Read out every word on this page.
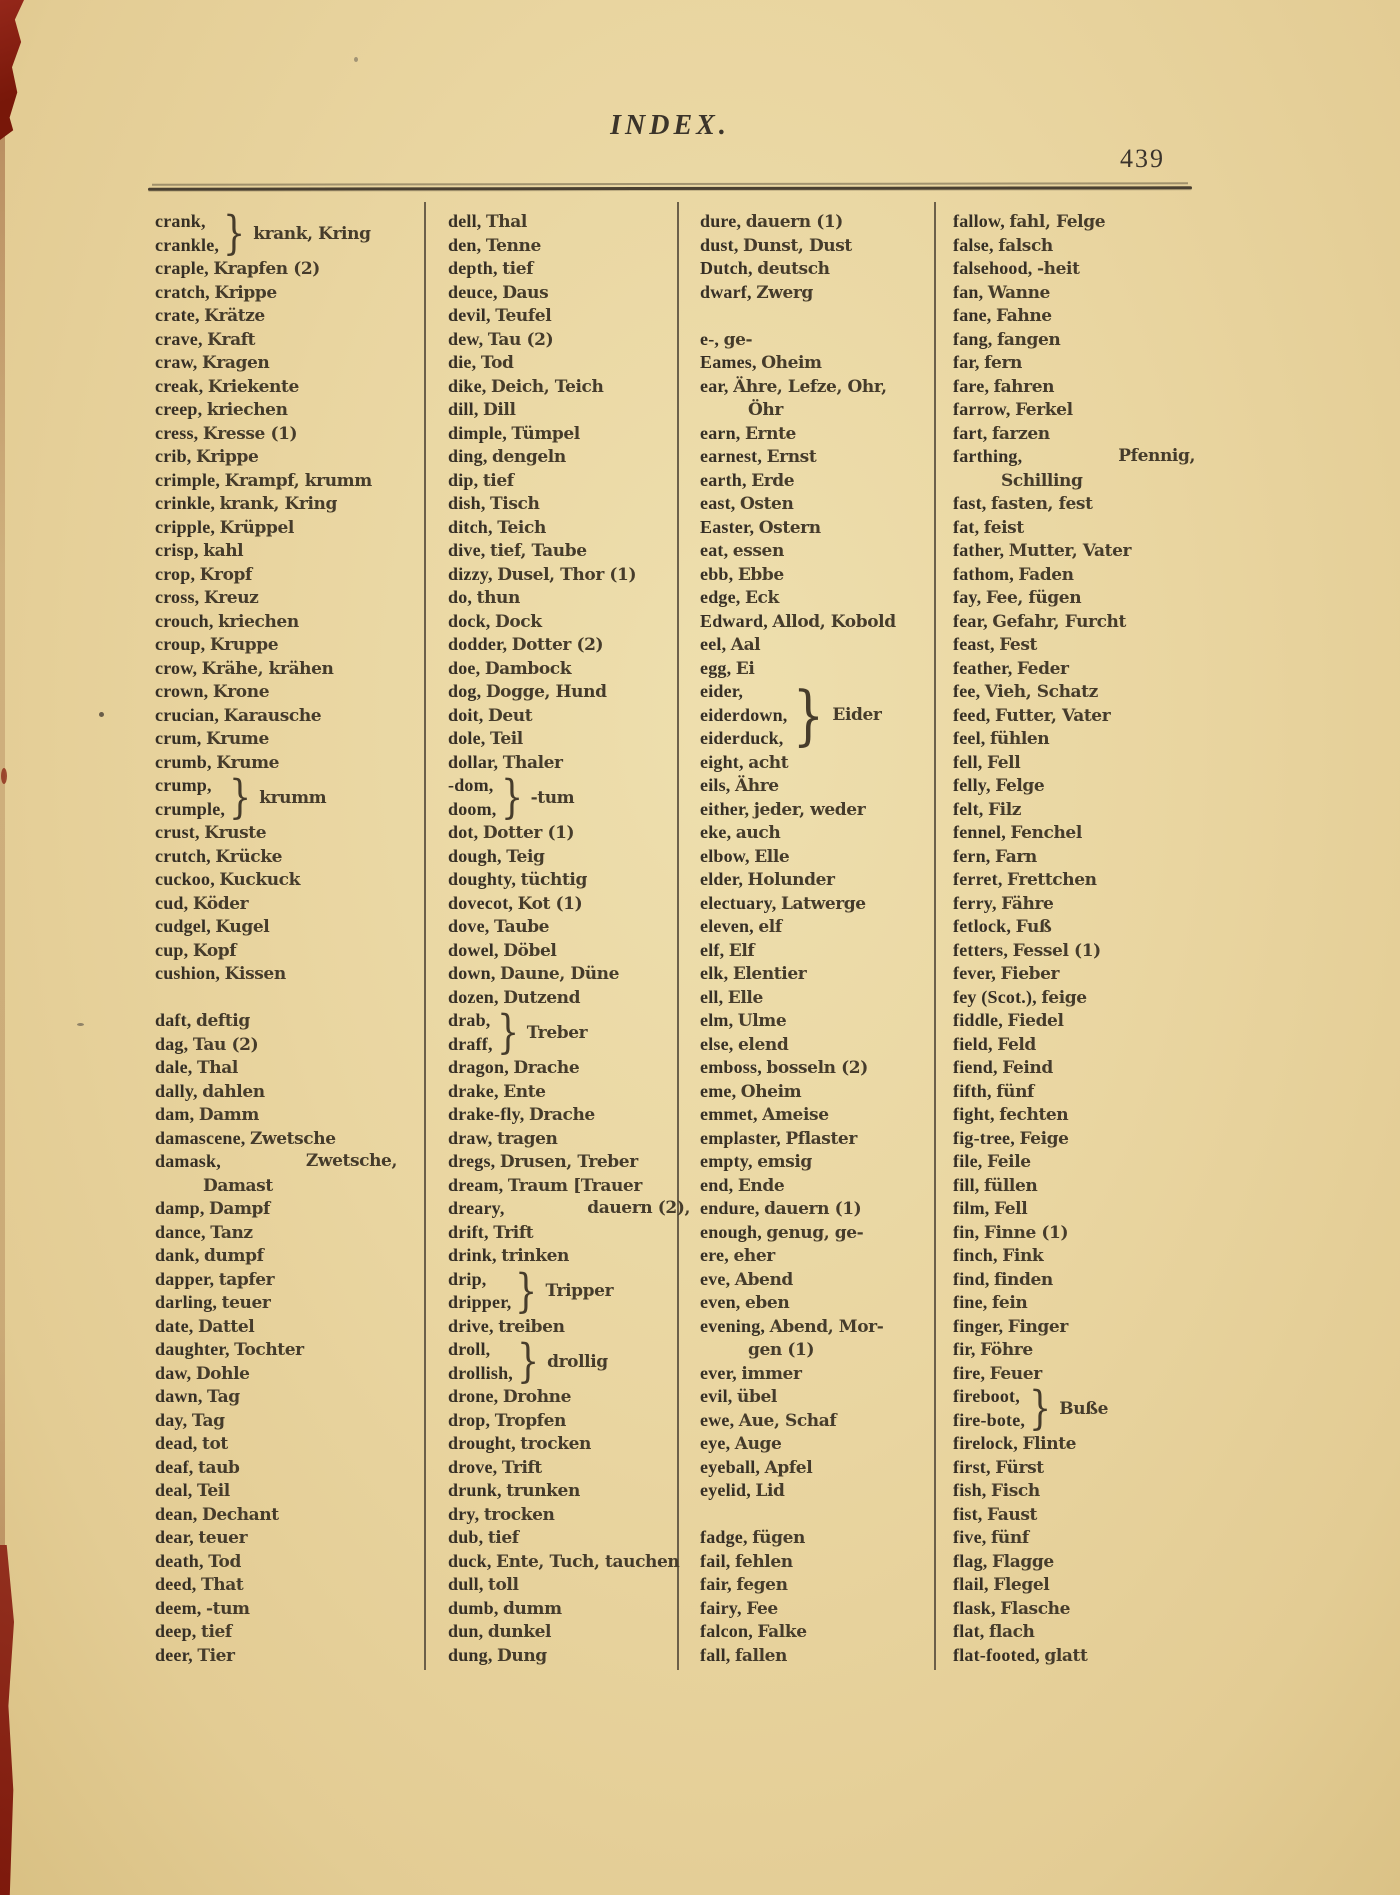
INDEX.
439
crank,
crankle, } krank, Kring
craple, Krapfen (2)
cratch, Krippe
crate, Krätze
crave, Kraft
craw, Kragen
creak, Kriekente
creep, kriechen
cress, Kresse (1)
crib, Krippe
crimple, Krampf, krumm
crinkle, krank, Kring
cripple, Krüppel
crisp, kahl
crop, Kropf
cross, Kreuz
crouch, kriechen
croup, Kruppe
crow, Krähe, krähen
crown, Krone
crucian, Karausche
crum, Krume
crumb, Krume
crump,
crumple, } krumm
crust, Kruste
crutch, Krücke
cuckoo, Kuckuck
cud, Köder
cudgel, Kugel
cup, Kopf
cushion, Kissen
daft, deftig
dag, Tau (2)
dale, Thal
dally, dahlen
dam, Damm
damascene, Zwetsche
damask,	Zwetsche,
Damast
damp, Dampf
dance, Tanz
dank, dumpf
dapper, tapfer
darling, teuer
date, Dattel
daughter, Tochter
daw, Dohle
dawn, Tag
day, Tag
dead, tot
deaf, taub
deal, Teil
dean, Dechant
dear, teuer
death, Tod
deed, That
deem, -tum
deep, tief
deer, Tier
dell, Thal
den, Tenne
depth, tief
deuce, Daus
devil, Teufel
dew, Tau (2)
die, Tod
dike, Deich, Teich
dill, Dill
dimple, Tümpel
ding, dengeln
dip, tief
dish, Tisch
ditch, Teich
dive, tief, Taube
dizzy, Dusel, Thor (1)
do, thun
dock, Dock
dodder, Dotter (2)
doe, Dambock
dog, Dogge, Hund
doit, Deut
dole, Teil
dollar, Thaler
-dom,
doom, } -tum
dot, Dotter (1)
dough, Teig
doughty, tüchtig
dovecot, Kot (1)
dove, Taube
dowel, Döbel
down, Daune, Düne
dozen, Dutzend
drab,
draff, } Treber
dragon, Drache
drake, Ente
drake-fly, Drache
draw, tragen
dregs, Drusen, Treber
dream, Traum [Trauer
dreary,	dauern (2),
drift, Trift
drink, trinken
drip,
dripper, } Tripper
drive, treiben
droll,
drollish, } drollig
drone, Drohne
drop, Tropfen
drought, trocken
drove, Trift
drunk, trunken
dry, trocken
dub, tief
duck, Ente, Tuch, tauchen
dull, toll
dumb, dumm
dun, dunkel
dung, Dung
dure, dauern (1)
dust, Dunst, Dust
Dutch, deutsch
dwarf, Zwerg
e-, ge-
Eames, Oheim
ear, Ähre, Lefze, Ohr,
Öhr
earn, Ernte
earnest, Ernst
earth, Erde
east, Osten
Easter, Ostern
eat, essen
ebb, Ebbe
edge, Eck
Edward, Allod, Kobold
eel, Aal
egg, Ei
eider,
eiderdown,
eiderduck, } Eider
eight, acht
eils, Ähre
either, jeder, weder
eke, auch
elbow, Elle
elder, Holunder
electuary, Latwerge
eleven, elf
elf, Elf
elk, Elentier
ell, Elle
elm, Ulme
else, elend
emboss, bosseln (2)
eme, Oheim
emmet, Ameise
emplaster, Pflaster
empty, emsig
end, Ende
endure, dauern (1)
enough, genug, ge-
ere, eher
eve, Abend
even, eben
evening, Abend, Mor-
gen (1)
ever, immer
evil, übel
ewe, Aue, Schaf
eye, Auge
eyeball, Apfel
eyelid, Lid
fadge, fügen
fail, fehlen
fair, fegen
fairy, Fee
falcon, Falke
fall, fallen
fallow, fahl, Felge
false, falsch
falsehood, -heit
fan, Wanne
fane, Fahne
fang, fangen
far, fern
fare, fahren
farrow, Ferkel
fart, farzen
farthing,	Pfennig,
Schilling
fast, fasten, fest
fat, feist
father, Mutter, Vater
fathom, Faden
fay, Fee, fügen
fear, Gefahr, Furcht
feast, Fest
feather, Feder
fee, Vieh, Schatz
feed, Futter, Vater
feel, fühlen
fell, Fell
felly, Felge
felt, Filz
fennel, Fenchel
fern, Farn
ferret, Frettchen
ferry, Fähre
fetlock, Fuß
fetters, Fessel (1)
fever, Fieber
fey (Scot.), feige
fiddle, Fiedel
field, Feld
fiend, Feind
fifth, fünf
fight, fechten
fig-tree, Feige
file, Feile
fill, füllen
film, Fell
fin, Finne (1)
finch, Fink
find, finden
fine, fein
finger, Finger
fir, Föhre
fire, Feuer
fireboot,
fire-bote, } Buße
firelock, Flinte
first, Fürst
fish, Fisch
fist, Faust
five, fünf
flag, Flagge
flail, Flegel
flask, Flasche
flat, flach
flat-footed, glatt
